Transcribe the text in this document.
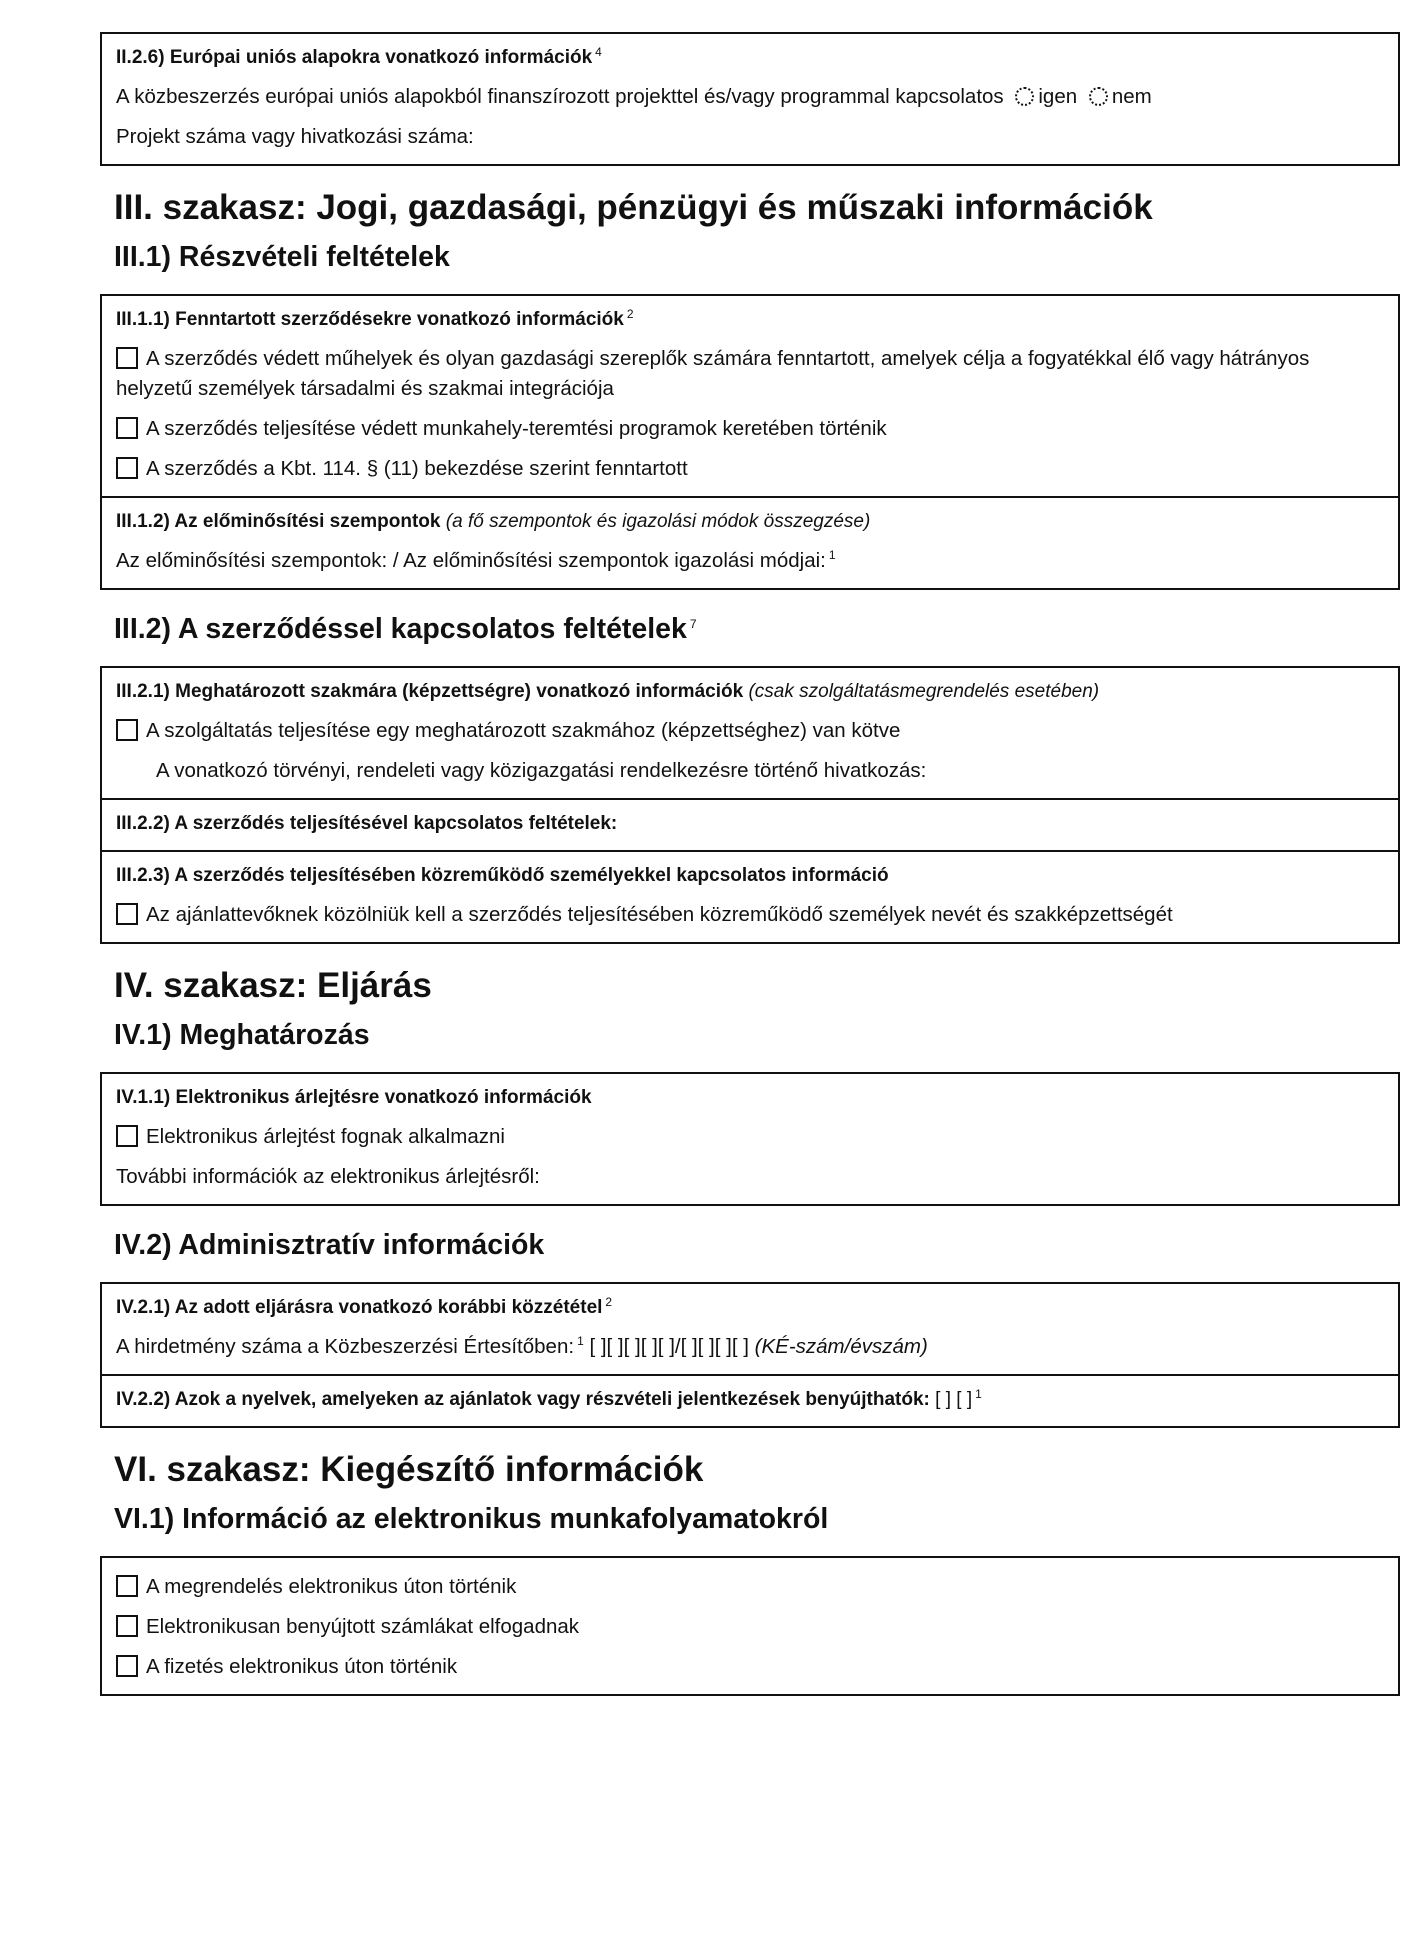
II.2.6) Európai uniós alapokra vonatkozó információk $^4$
A közbeszerzés európai uniós alapokból finanszírozott projekttel és/vagy programmal kapcsolatos igen nem
Projekt száma vagy hivatkozási száma:
III. szakasz: Jogi, gazdasági, pénzügyi és műszaki információk
III.1) Részvételi feltételek
III.1.1) Fenntartott szerződésekre vonatkozó információk $^2$
A szerződés védett műhelyek és olyan gazdasági szereplők számára fenntartott, amelyek célja a fogyatékkal élő vagy hátrányos helyzetű személyek társadalmi és szakmai integrációja
A szerződés teljesítése védett munkahely-teremtési programok keretében történik
A szerződés a Kbt. 114. § (11) bekezdése szerint fenntartott
III.1.2) Az előminősítési szempontok (a fő szempontok és igazolási módok összegzése)
Az előminősítési szempontok: / Az előminősítési szempontok igazolási módjai: $^1$
III.2) A szerződéssel kapcsolatos feltételek $^7$
III.2.1) Meghatározott szakmára (képzettségre) vonatkozó információk (csak szolgáltatásmegrendelés esetében)
A szolgáltatás teljesítése egy meghatározott szakmához (képzettséghez) van kötve
A vonatkozó törvényi, rendeleti vagy közigazgatási rendelkezésre történő hivatkozás:
III.2.2) A szerződés teljesítésével kapcsolatos feltételek:
III.2.3) A szerződés teljesítésében közreműködő személyekkel kapcsolatos információ
Az ajánlattevőknek közölniük kell a szerződés teljesítésében közreműködő személyek nevét és szakképzettségét
IV. szakasz: Eljárás
IV.1) Meghatározás
IV.1.1) Elektronikus árlejtésre vonatkozó információk
Elektronikus árlejtést fognak alkalmazni
További információk az elektronikus árlejtésről:
IV.2) Adminisztratív információk
IV.2.1) Az adott eljárásra vonatkozó korábbi közzététel $^2$
A hirdetmény száma a Közbeszerzési Értesítőben: $^1$ [ ][ ][ ][ ][ ]/[ ][ ][ ][ ] (KÉ-szám/évszám)
IV.2.2) Azok a nyelvek, amelyeken az ajánlatok vagy részvételi jelentkezések benyújthatók: [ ] [ ] $^1$
VI. szakasz: Kiegészítő információk
VI.1) Információ az elektronikus munkafolyamatokról
A megrendelés elektronikus úton történik
Elektronikusan benyújtott számlákat elfogadnak
A fizetés elektronikus úton történik
